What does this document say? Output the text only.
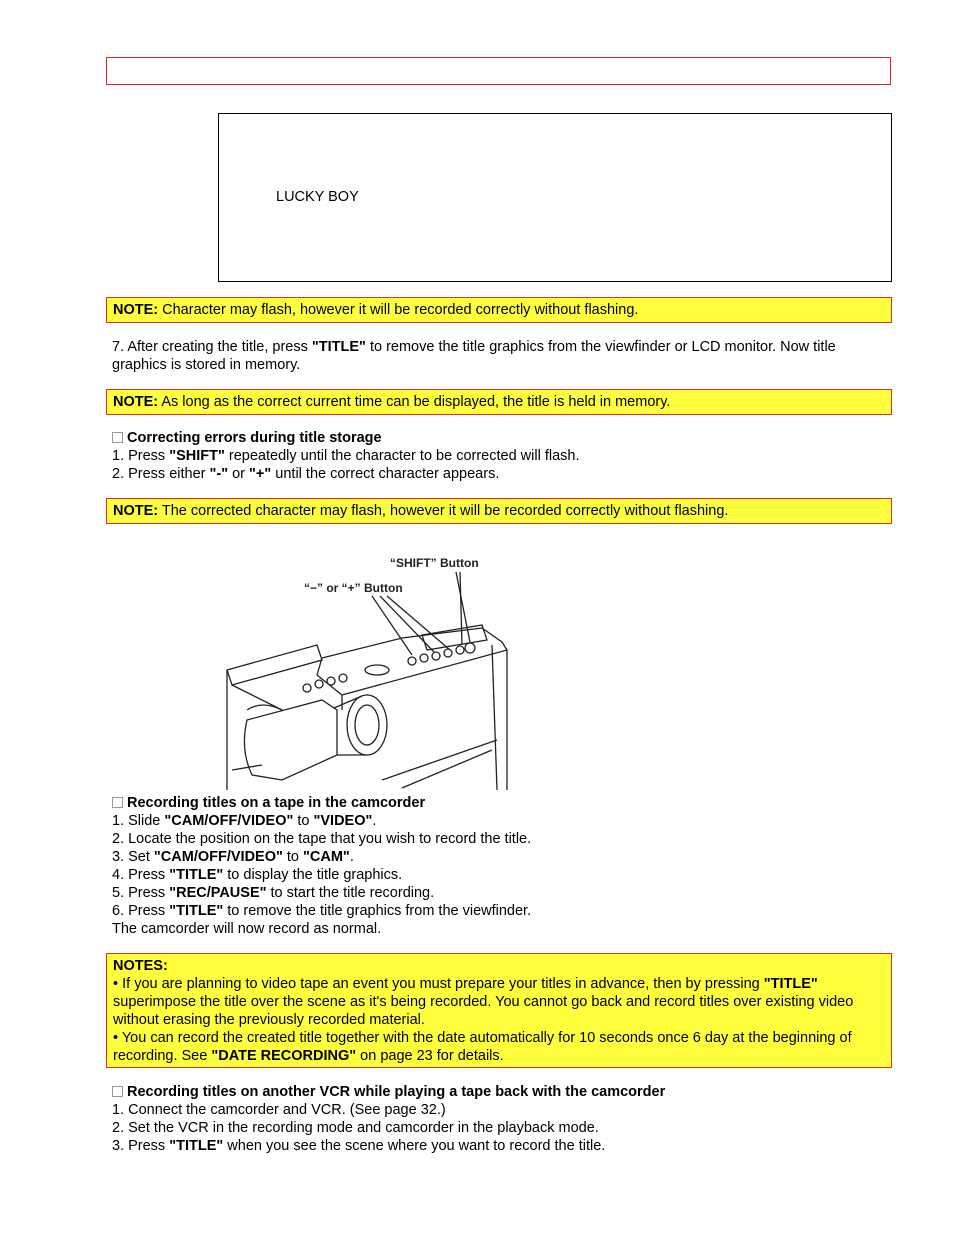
LUCKY BOY
NOTE: Character may flash, however it will be recorded correctly without flashing.
7. After creating the title, press "TITLE" to remove the title graphics from the viewfinder or LCD monitor. Now title graphics is stored in memory.
NOTE: As long as the correct current time can be displayed, the title is held in memory.
Correcting errors during title storage
1. Press "SHIFT" repeatedly until the character to be corrected will flash.
2. Press either "-" or "+" until the correct character appears.
NOTE: The corrected character may flash, however it will be recorded correctly without flashing.
“SHIFT” Button
“−” or “+” Button
Recording titles on a tape in the camcorder
1. Slide "CAM/OFF/VIDEO" to "VIDEO".
2. Locate the position on the tape that you wish to record the title.
3. Set "CAM/OFF/VIDEO" to "CAM".
4. Press "TITLE" to display the title graphics.
5. Press "REC/PAUSE" to start the title recording.
6. Press "TITLE" to remove the title graphics from the viewfinder.
The camcorder will now record as normal.
NOTES:
• If you are planning to video tape an event you must prepare your titles in advance, then by pressing "TITLE" superimpose the title over the scene as it's being recorded. You cannot go back and record titles over existing video without erasing the previously recorded material.
• You can record the created title together with the date automatically for 10 seconds once 6 day at the beginning of recording. See "DATE RECORDING" on page 23 for details.
Recording titles on another VCR while playing a tape back with the camcorder
1. Connect the camcorder and VCR. (See page 32.)
2. Set the VCR in the recording mode and camcorder in the playback mode.
3. Press "TITLE" when you see the scene where you want to record the title.
